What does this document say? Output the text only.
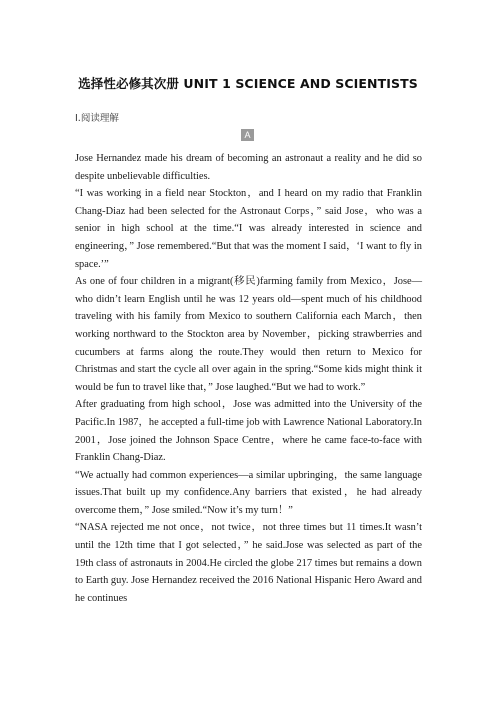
选择性必修其次册 UNIT 1 SCIENCE AND SCIENTISTS
Ⅰ.阅读理解
A

Jose Hernandez made his dream of becoming an astronaut a reality and he did so despite unbelievable difficulties.

“I was working in a field near Stockton，and I heard on my radio that Franklin Chang-Diaz had been selected for the Astronaut Corps，” said Jose，who was a senior in high school at the time.“I was already interested in science and engineering，” Jose remembered.“But that was the moment I said，‘I want to fly in space.’”

As one of four children in a migrant(移民)farming family from Mexico，Jose—who didn’t learn English until he was 12 years old—spent much of his childhood traveling with his family from Mexico to southern California each March，then working northward to the Stockton area by November，picking strawberries and cucumbers at farms along the route.They would then return to Mexico for Christmas and start the cycle all over again in the spring.“Some kids might think it would be fun to travel like that，” Jose laughed.“But we had to work.”

After graduating from high school，Jose was admitted into the University of the Pacific.In 1987，he accepted a full-time job with Lawrence National Laboratory.In 2001，Jose joined the Johnson Space Centre，where he came face-to-face with Franklin Chang-Diaz.

“We actually had common experiences—a similar upbringing，the same language issues.That built up my confidence.Any barriers that existed，he had already overcome them，” Jose smiled.“Now it’s my turn！”

“NASA rejected me not once，not twice，not three times but 11 times.It wasn’t until the 12th time that I got selected，” he said.Jose was selected as part of the 19th class of astronauts in 2004.He circled the globe 217 times but remains a down to Earth guy. Jose Hernandez received the 2016 National Hispanic Hero Award and he continues
